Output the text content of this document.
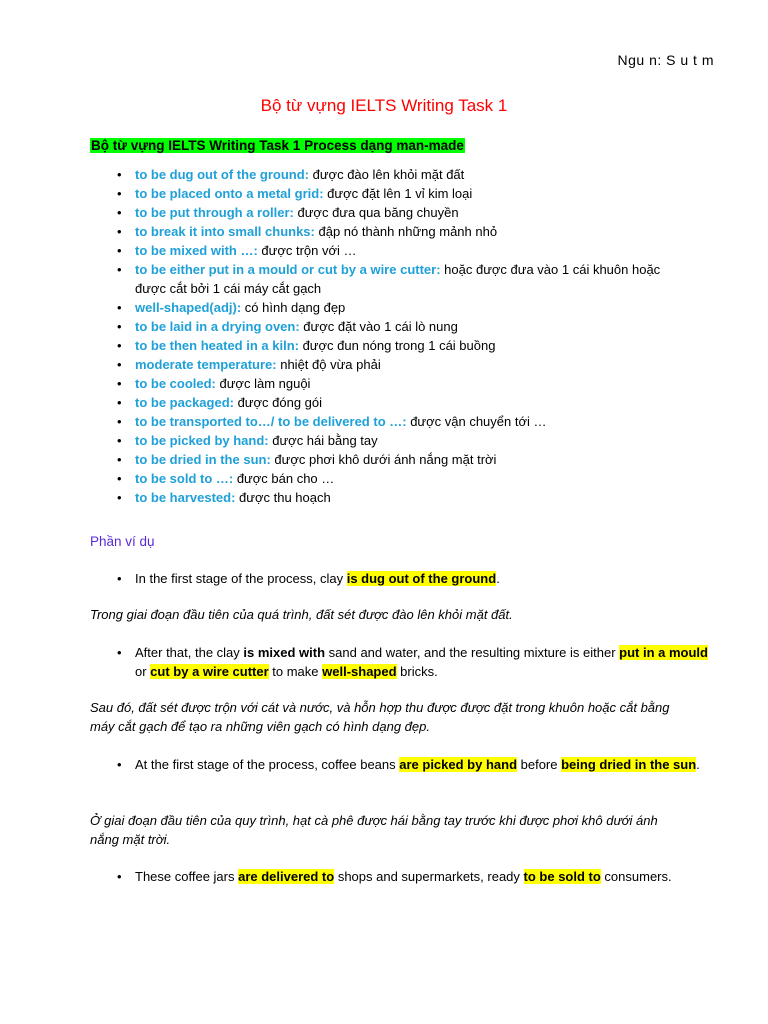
Ngu n: S u t m
Bộ từ vựng IELTS Writing Task 1
Bộ từ vựng IELTS Writing Task 1 Process dạng man-made
• to be dug out of the ground: được đào lên khỏi mặt đất
• to be placed onto a metal grid: được đặt lên 1 vỉ kim loại
• to be put through a roller: được đưa qua băng chuyền
• to break it into small chunks: đập nó thành những mảnh nhỏ
• to be mixed with …: được trộn với …
• to be either put in a mould or cut by a wire cutter: hoặc được đưa vào 1 cái khuôn hoặc được cắt bởi 1 cái máy cắt gạch
• well-shaped(adj): có hình dạng đẹp
• to be laid in a drying oven: được đặt vào 1 cái lò nung
• to be then heated in a kiln: được đun nóng trong 1 cái buồng
• moderate temperature: nhiệt độ vừa phải
• to be cooled: được làm nguội
• to be packaged: được đóng gói
• to be transported to…/ to be delivered to …: được vận chuyển tới …
• to be picked by hand: được hái bằng tay
• to be dried in the sun: được phơi khô dưới ánh nắng mặt trời
• to be sold to …: được bán cho …
• to be harvested: được thu hoạch
Phần ví dụ
• In the first stage of the process, clay is dug out of the ground.
Trong giai đoạn đầu tiên của quá trình, đất sét được đào lên khỏi mặt đất.
• After that, the clay is mixed with sand and water, and the resulting mixture is either put in a mould or cut by a wire cutter to make well-shaped bricks.
Sau đó, đất sét được trộn với cát và nước, và hỗn hợp thu được được đặt trong khuôn hoặc cắt bằng máy cắt gạch để tạo ra những viên gạch có hình dạng đẹp.
• At the first stage of the process, coffee beans are picked by hand before being dried in the sun.
Ở giai đoạn đầu tiên của quy trình, hạt cà phê được hái bằng tay trước khi được phơi khô dưới ánh nắng mặt trời.
• These coffee jars are delivered to shops and supermarkets, ready to be sold to consumers.
